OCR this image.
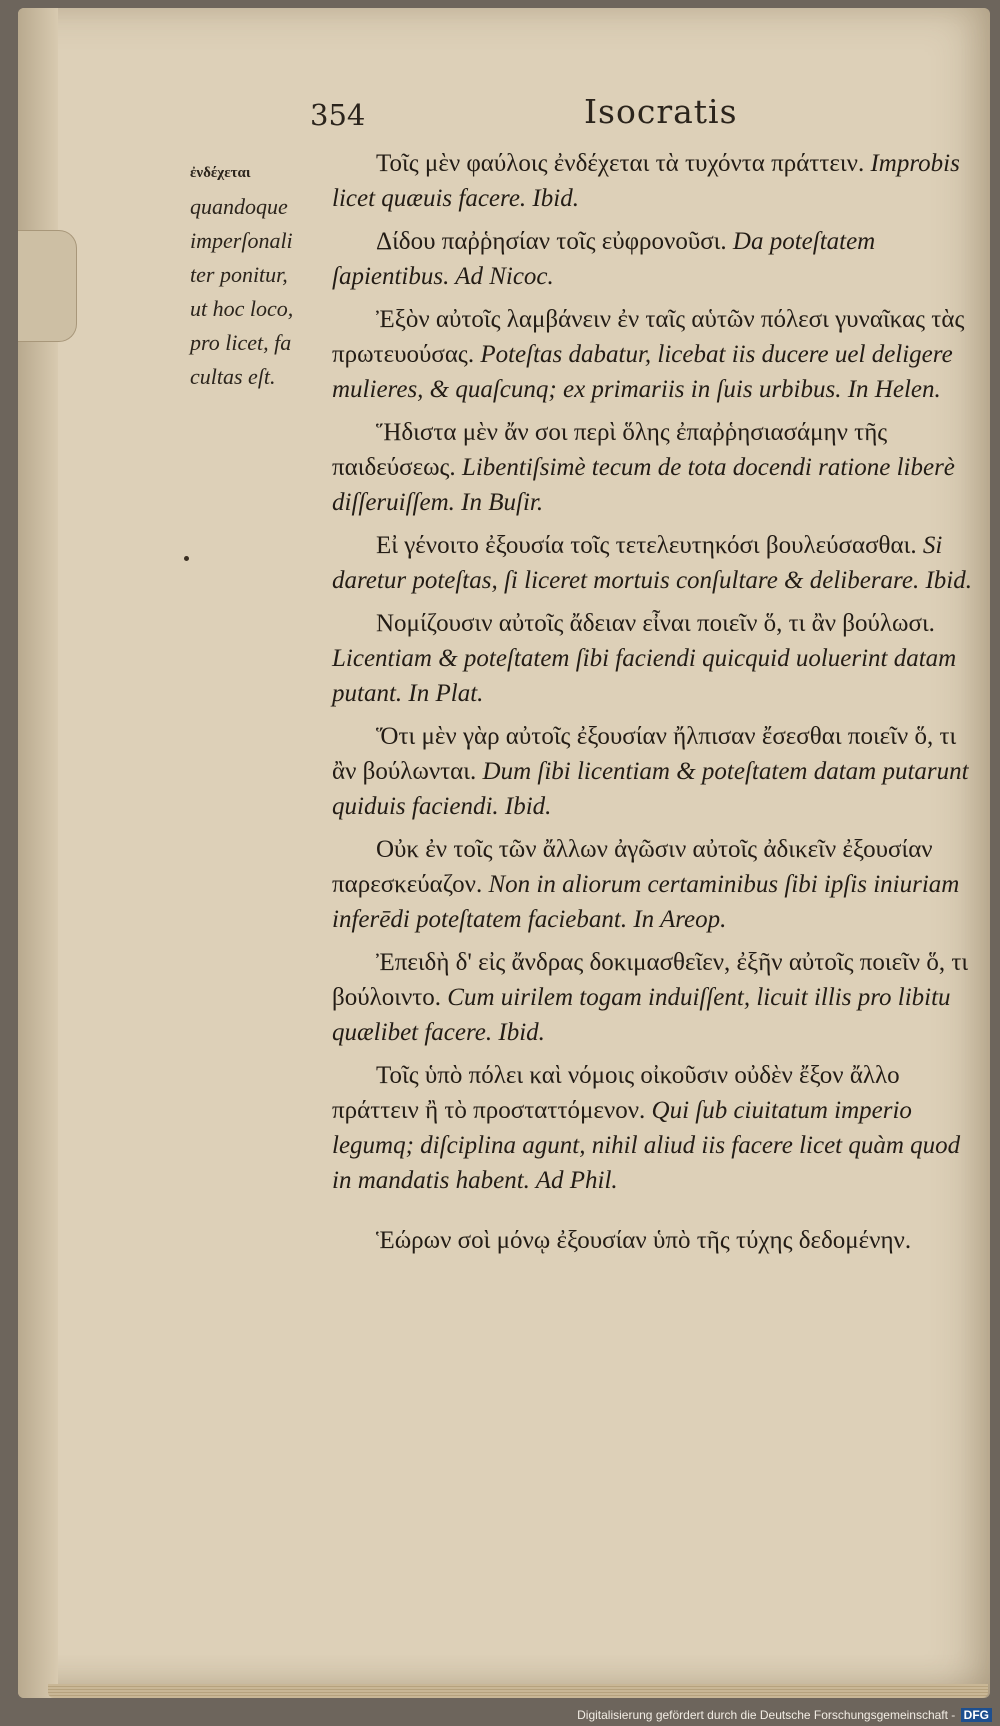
354	Isocratis
ἐνδέχεται
quandoque
imperſonali
ter ponitur,
ut hoc loco,
pro licet, fa
cultas eſt.

Τοῖς μὲν φαύλοις ἐνδέχεται τὰ τυχόντα πράττειν. Improbis licet quæuis facere. Ibid.

Δίδου παῤῥησίαν τοῖς εὐφρονοῦσι. Da poteſtatem ſapientibus. Ad Nicoc.

Ἐξὸν αὐτοῖς λαμβάνειν ἐν ταῖς αὑτῶν πόλεσι γυναῖκας τὰς πρωτευούσας. Poteſtas dabatur, licebat iis ducere uel deligere mulieres, & quaſcunq; ex primariis in ſuis urbibus. In Helen.

Ἥδιστα μὲν ἄν σοι περὶ ὅλης ἐπαῤῥησιασάμην τῆς παιδεύσεως. Libentiſsimè tecum de tota docendi ratione liberè diſſeruiſſem. In Buſir.

Εἰ γένοιτο ἐξουσία τοῖς τετελευτηκόσι βουλεύσασθαι. Si daretur poteſtas, ſi liceret mortuis conſultare & deliberare. Ibid.

Νομίζουσιν αὐτοῖς ἄδειαν εἶναι ποιεῖν ὅ, τι ἂν βούλωσι. Licentiam & poteſtatem ſibi faciendi quicquid uoluerint datam putant. In Plat.

Ὅτι μὲν γὰρ αὐτοῖς ἐξουσίαν ἤλπισαν ἔσεσθαι ποιεῖν ὅ, τι ἂν βούλωνται. Dum ſibi licentiam & poteſtatem datam putarunt quiduis faciendi. Ibid.

Οὐκ ἐν τοῖς τῶν ἄλλων ἀγῶσιν αὐτοῖς ἀδικεῖν ἐξουσίαν παρεσκεύαζον. Non in aliorum certaminibus ſibi ipſis iniuriam inferēdi poteſtatem faciebant. In Areop.

Ἐπειδὴ δ' εἰς ἄνδρας δοκιμασθεῖεν, ἐξῆν αὐτοῖς ποιεῖν ὅ, τι βούλοιντο. Cum uirilem togam induiſſent, licuit illis pro libitu quælibet facere. Ibid.

Τοῖς ὑπὸ πόλει καὶ νόμοις οἰκοῦσιν οὐδὲν ἔξον ἄλλο πράττειν ἢ τὸ προσταττόμενον. Qui ſub ciuitatum imperio legumq; diſciplina agunt, nihil aliud iis facere licet quàm quod in mandatis habent. Ad Phil.

Ἑώρων σοὶ μόνῳ ἐξουσίαν ὑπὸ τῆς τύχης δεδομένην.

Digitalisierung gefördert durch die Deutsche Forschungsgemeinschaft - DFG
